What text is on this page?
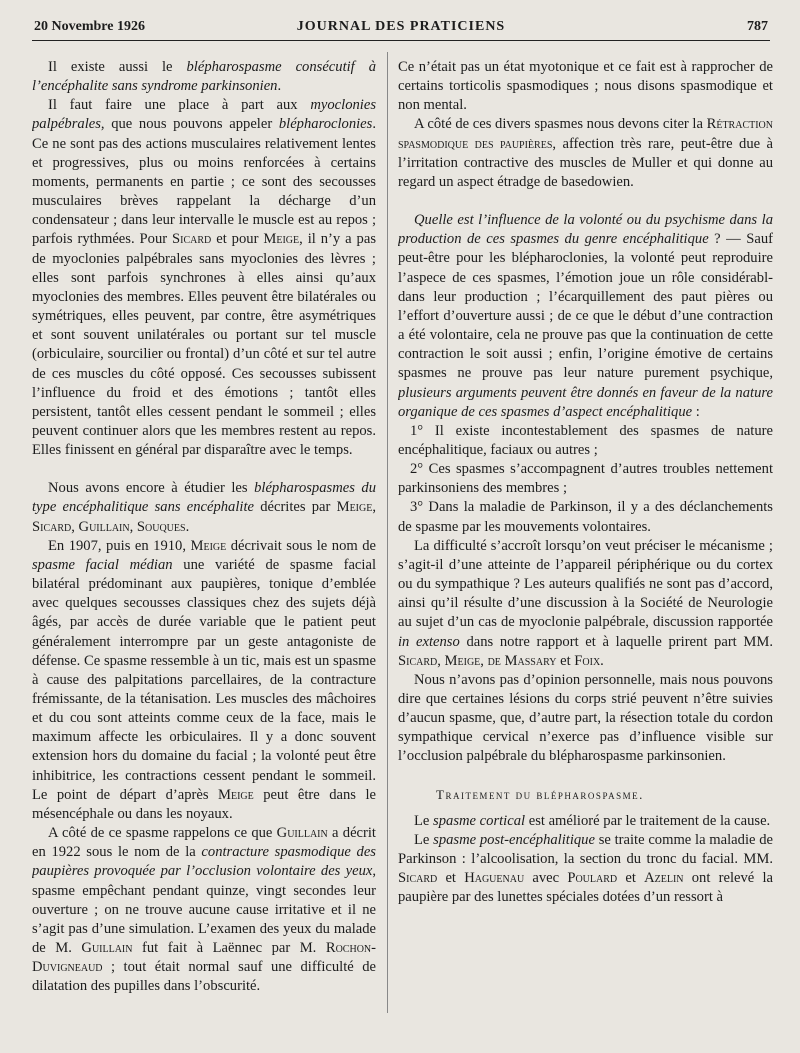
20 Novembre 1926	JOURNAL DES PRATICIENS	787

Il existe aussi le blépharospasme consécutif à l’encéphalite sans syndrome parkinsonien.

Il faut faire une place à part aux myoclonies palpébrales, que nous pouvons appeler blépharoclonies. Ce ne sont pas des actions musculaires relativement lentes et progressives, plus ou moins renforcées à certains moments, permanents en partie ; ce sont des secousses musculaires brèves rappelant la décharge d’un condensateur ; dans leur intervalle le muscle est au repos ; parfois rythmées. Pour Sicard et pour Meige, il n’y a pas de myoclonies palpébrales sans myoclonies des lèvres ; elles sont parfois synchrones à elles ainsi qu’aux myoclonies des membres. Elles peuvent être bilatérales ou symétriques, elles peuvent, par contre, être asymétriques et sont souvent unilatérales ou portant sur tel muscle (orbiculaire, sourcilier ou frontal) d’un côté et sur tel autre de ces muscles du côté opposé. Ces secousses subissent l’influence du froid et des émotions ; tantôt elles persistent, tantôt elles cessent pendant le sommeil ; elles peuvent continuer alors que les membres restent au repos. Elles finissent en général par disparaître avec le temps.

Nous avons encore à étudier les blépharospasmes du type encéphalitique sans encéphalite décrites par Meige, Sicard, Guillain, Souques.

En 1907, puis en 1910, Meige décrivait sous le nom de spasme facial médian une variété de spasme facial bilatéral prédominant aux paupières, tonique d’emblée avec quelques secousses classiques chez des sujets déjà âgés, par accès de durée variable que le patient peut généralement interrompre par un geste antagoniste de défense. Ce spasme ressemble à un tic, mais est un spasme à cause des palpitations parcellaires, de la contracture frémissante, de la tétanisation. Les muscles des mâchoires et du cou sont atteints comme ceux de la face, mais le maximum affecte les orbiculaires. Il y a donc souvent extension hors du domaine du facial ; la volonté peut être inhibitrice, les contractions cessent pendant le sommeil. Le point de départ d’après Meige peut être dans le mésencéphale ou dans les noyaux.

A côté de ce spasme rappelons ce que Guillain a décrit en 1922 sous le nom de la contracture spasmodique des paupières provoquée par l’occlusion volontaire des yeux, spasme empêchant pendant quinze, vingt secondes leur ouverture ; on ne trouve aucune cause irritative et il ne s’agit pas d’une simulation. L’examen des yeux du malade de M. Guillain fut fait à Laënnec par M. Rochon-Duvigneaud ; tout était normal sauf une difficulté de dilatation des pupilles dans l’obscurité.

Ce n’était pas un état myotonique et ce fait est à rapprocher de certains torticolis spasmodiques ; nous disons spasmodique et non mental.

A côté de ces divers spasmes nous devons citer la Rétraction spasmodique des paupières, affection très rare, peut-être due à l’irritation contractive des muscles de Muller et qui donne au regard un aspect étradge de basedowien.

Quelle est l’influence de la volonté ou du psychisme dans la production de ces spasmes du genre encéphalitique ? — Sauf peut-être pour les blépharoclonies, la volonté peut reproduire l’aspece de ces spasmes, l’émotion joue un rôle considérabl- dans leur production ; l’écarquillement des paut pières ou l’effort d’ouverture aussi ; de ce que le début d’une contraction a été volontaire, cela ne prouve pas que la continuation de cette contraction le soit aussi ; enfin, l’origine émotive de certains spasmes ne prouve pas leur nature purement psychique, plusieurs arguments peuvent être donnés en faveur de la nature organique de ces spasmes d’aspect encéphalitique :

1° Il existe incontestablement des spasmes de nature encéphalitique, faciaux ou autres ;

2° Ces spasmes s’accompagnent d’autres troubles nettement parkinsoniens des membres ;

3° Dans la maladie de Parkinson, il y a des déclanchements de spasme par les mouvements volontaires.

La difficulté s’accroît lorsqu’on veut préciser le mécanisme ; s’agit-il d’une atteinte de l’appareil périphérique ou du cortex ou du sympathique ? Les auteurs qualifiés ne sont pas d’accord, ainsi qu’il résulte d’une discussion à la Société de Neurologie au sujet d’un cas de myoclonie palpébrale, discussion rapportée in extenso dans notre rapport et à laquelle prirent part MM. Sicard, Meige, de Massary et Foix.

Nous n’avons pas d’opinion personnelle, mais nous pouvons dire que certaines lésions du corps strié peuvent n’être suivies d’aucun spasme, que, d’autre part, la résection totale du cordon sympathique cervical n’exerce pas d’influence visible sur l’occlusion palpébrale du blépharospasme parkinsonien.

Traitement du blépharospasme.

Le spasme cortical est amélioré par le traitement de la cause.

Le spasme post-encéphalitique se traite comme la maladie de Parkinson : l’alcoolisation, la section du tronc du facial. MM. Sicard et Haguenau avec Poulard et Azelin ont relevé la paupière par des lunettes spéciales dotées d’un ressort à
